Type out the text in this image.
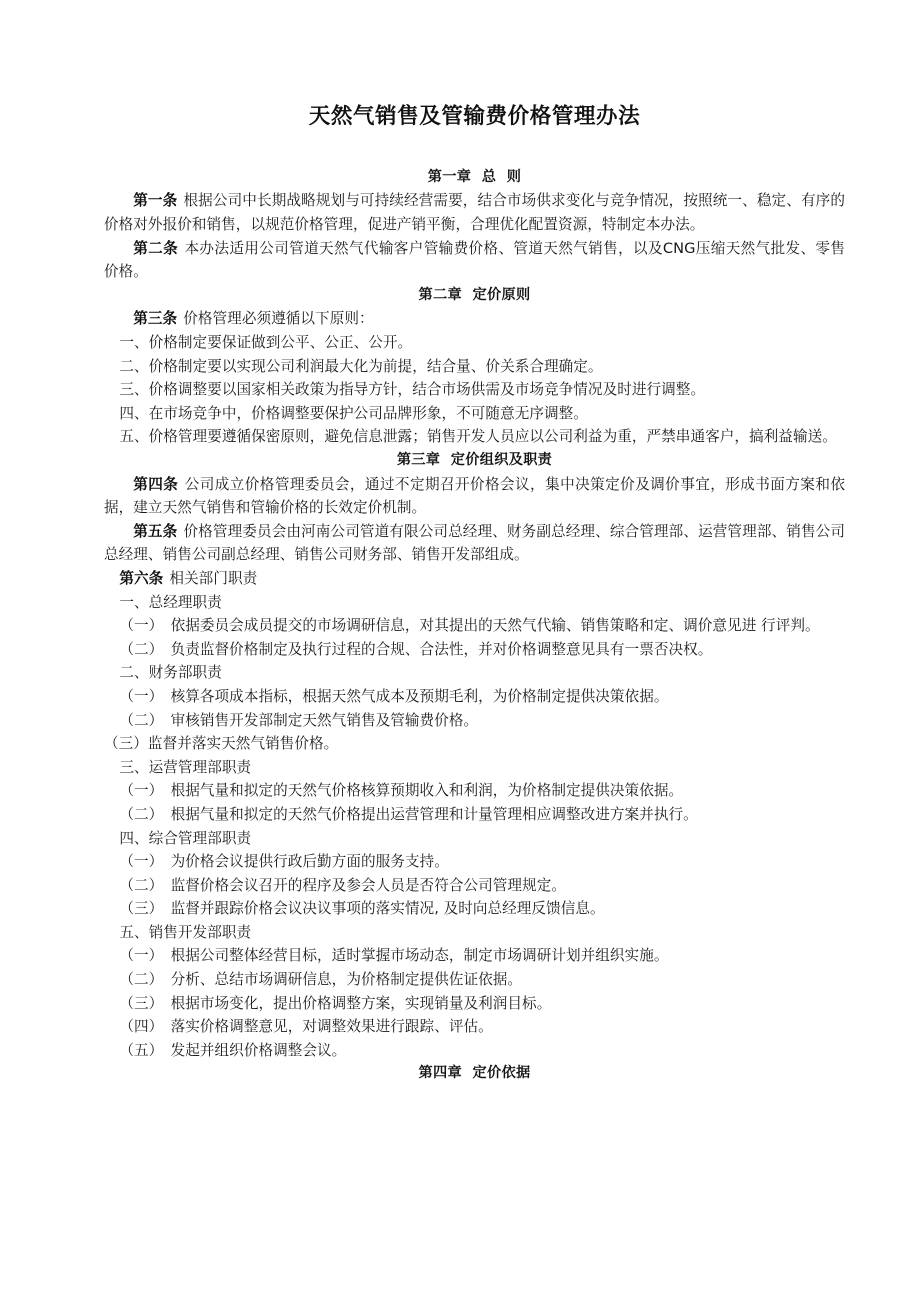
天然气销售及管输费价格管理办法
第一章  总  则

第一条 根据公司中长期战略规划与可持续经营需要，结合市场供求变化与竞争情况，按照统一、稳定、有序的价格对外报价和销售，以规范价格管理，促进产销平衡，合理优化配置资源，特制定本办法。

第二条 本办法适用公司管道天然气代输客户管输费价格、管道天然气销售，以及CNG压缩天然气批发、零售价格。

第二章  定价原则

第三条 价格管理必须遵循以下原则：

一、价格制定要保证做到公平、公正、公开。

二、价格制定要以实现公司利润最大化为前提，结合量、价关系合理确定。

三、价格调整要以国家相关政策为指导方针，结合市场供需及市场竞争情况及时进行调整。

四、在市场竞争中，价格调整要保护公司品牌形象，不可随意无序调整。

五、价格管理要遵循保密原则，避免信息泄露；销售开发人员应以公司利益为重，严禁串通客户，搞利益输送。

第三章  定价组织及职责

第四条 公司成立价格管理委员会，通过不定期召开价格会议，集中决策定价及调价事宜，形成书面方案和依据，建立天然气销售和管输价格的长效定价机制。

第五条 价格管理委员会由河南公司管道有限公司总经理、财务副总经理、综合管理部、运营管理部、销售公司总经理、销售公司副总经理、销售公司财务部、销售开发部组成。

第六条 相关部门职责

一、总经理职责

（一）　依据委员会成员提交的市场调研信息，对其提出的天然气代输、销售策略和定、调价意见进 行评判。

（二）　负责监督价格制定及执行过程的合规、合法性，并对价格调整意见具有一票否决权。

二、财务部职责

（一）　核算各项成本指标，根据天然气成本及预期毛利，为价格制定提供决策依据。

（二）　审核销售开发部制定天然气销售及管输费价格。

（三）监督并落实天然气销售价格。

三、运营管理部职责

（一）　根据气量和拟定的天然气价格核算预期收入和利润，为价格制定提供决策依据。

（二）　根据气量和拟定的天然气价格提出运营管理和计量管理相应调整改进方案并执行。

四、综合管理部职责

（一）　为价格会议提供行政后勤方面的服务支持。

（二）　监督价格会议召开的程序及参会人员是否符合公司管理规定。

（三）　监督并跟踪价格会议决议事项的落实情况, 及时向总经理反馈信息。

五、销售开发部职责

（一）　根据公司整体经营目标，适时掌握市场动态，制定市场调研计划并组织实施。

（二）　分析、总结市场调研信息，为价格制定提供佐证依据。

（三）　根据市场变化，提出价格调整方案，实现销量及利润目标。

（四）　落实价格调整意见，对调整效果进行跟踪、评估。

（五）　发起并组织价格调整会议。

第四章  定价依据
